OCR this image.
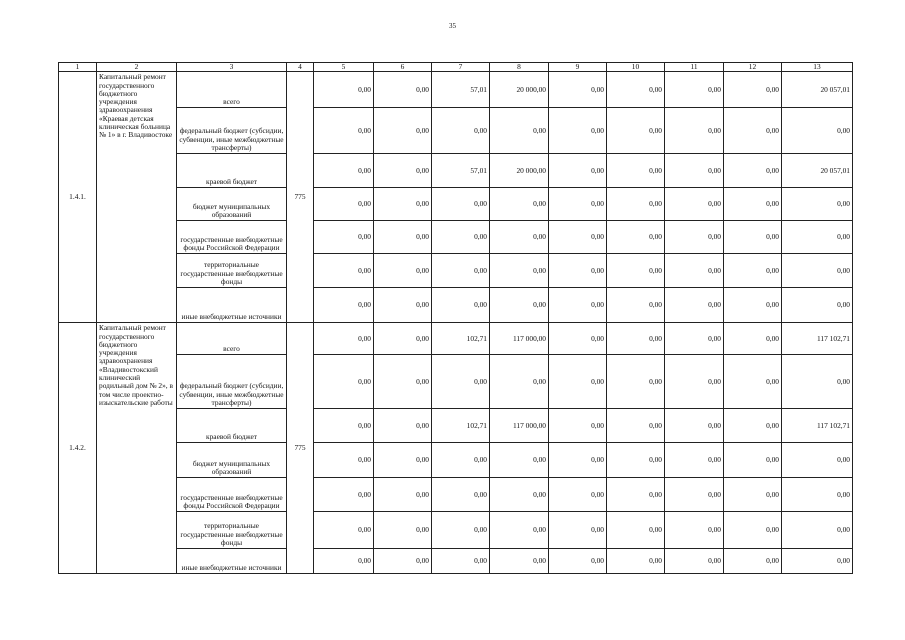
35
1	2	3	4	5	6	7	8	9	10	11	12	13
1.4.1.	Капитальный ремонт государственного бюджетного учреждения здравоохранения «Краевая детская клиническая больница № 1» в г. Владивостоке	всего	775	0,00	0,00	57,01	20 000,00	0,00	0,00	0,00	0,00	20 057,01
		федеральный бюджет (субсидии, субвенции, иные межбюджетные трансферты)		0,00	0,00	0,00	0,00	0,00	0,00	0,00	0,00	0,00
		краевой бюджет		0,00	0,00	57,01	20 000,00	0,00	0,00	0,00	0,00	20 057,01
		бюджет муниципальных образований		0,00	0,00	0,00	0,00	0,00	0,00	0,00	0,00	0,00
		государственные внебюджетные фонды Российской Федерации		0,00	0,00	0,00	0,00	0,00	0,00	0,00	0,00	0,00
		территориальные государственные внебюджетные фонды		0,00	0,00	0,00	0,00	0,00	0,00	0,00	0,00	0,00
		иные внебюджетные источники		0,00	0,00	0,00	0,00	0,00	0,00	0,00	0,00	0,00
1.4.2.	Капитальный ремонт государственного бюджетного учреждения здравоохранения «Владивостокский клинический родильный дом № 2», в том числе проектно-изыскательские работы	всего	775	0,00	0,00	102,71	117 000,00	0,00	0,00	0,00	0,00	117 102,71
		федеральный бюджет (субсидии, субвенции, иные межбюджетные трансферты)		0,00	0,00	0,00	0,00	0,00	0,00	0,00	0,00	0,00
		краевой бюджет		0,00	0,00	102,71	117 000,00	0,00	0,00	0,00	0,00	117 102,71
		бюджет муниципальных образований		0,00	0,00	0,00	0,00	0,00	0,00	0,00	0,00	0,00
		государственные внебюджетные фонды Российской Федерации		0,00	0,00	0,00	0,00	0,00	0,00	0,00	0,00	0,00
		территориальные государственные внебюджетные фонды		0,00	0,00	0,00	0,00	0,00	0,00	0,00	0,00	0,00
		иные внебюджетные источники		0,00	0,00	0,00	0,00	0,00	0,00	0,00	0,00	0,00
